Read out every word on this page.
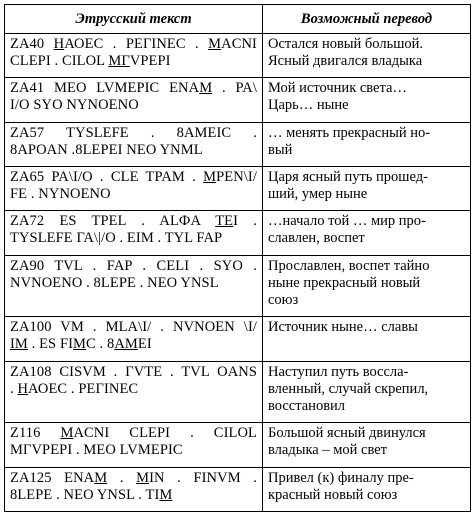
Этрусский текст	Возможный перевод

ZA40 НАОЕС . РЕГINEC . МACNI
CLEPI . CILOL МГVPEPI	Остался новый большой.
Ясный двигался владыка

ZA41 MEO LVMEPIC ENAM . PA\
I/O SYO NYNOENO	Мой источник света…
Царь… ныне

ZA57 TYSLEFE . 8AMEIC .
8APOAN .8LEPEI NEO YNML	… менять прекрасный но-
вый

ZA65 PA\I/O . CLE TPAM . MPEN\I/
FE . NYNOENO	Царя ясный путь прошед-
ший, умер ныне

ZA72 ES TPEL . ALФA TEI .
TYSLEFE ГА\|/O . EIM . TYL FAP	…начало той … мир про-
славлен, воспет

ZA90 TVL . FAP . CELI . SYO .
NVNOENO . 8LEPE . NEO YNSL	Прославлен, воспет тайно
ныне прекрасный новый
союз

ZA100 VM . MLA\I/ . NVNOEN \I/
IM . ES FIMC . 8AMEI	Источник ныне… славы

ZA108 CISVM . ГVTE . TVL OANS
. НАОЕС . PEГINEC	Наступил путь воссла-
вленный, случай скрепил,
восстановил

Z116 МACNI CLEPI . CILOL
МГVPEPI . MEO LVMEPIC	Большой ясный двинулся
владыка – мой свет

ZA125 ENAM . MIN . FINVM .
8LEPE . NEO YNSL . TIM	Привел (к) финалу пре-
красный новый союз
